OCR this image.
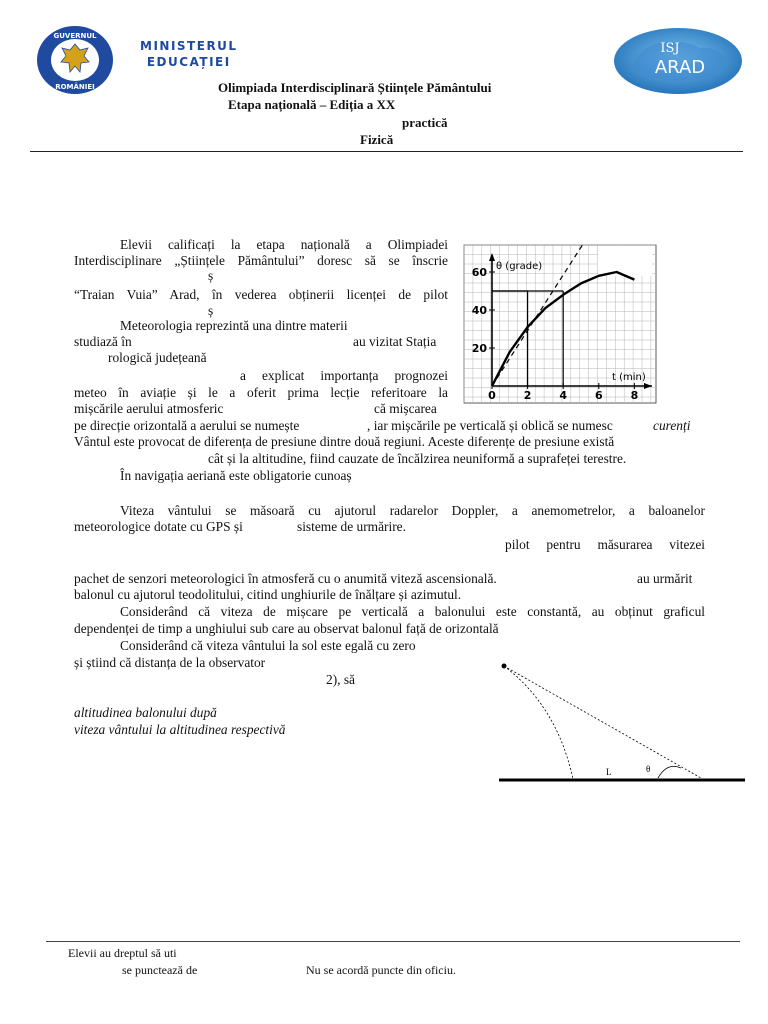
GUVERNUL
ROMÂNIEI
MINISTERUL
EDUCAȚIEI
ISJ
ARAD
Olimpiada Interdisciplinară Științele Pământului
Etapa națională – Ediția a XX
practică
Fizică
Elevii calificați la etapa națională a Olimpiadei
Interdisciplinare „Științele Pământului” doresc să se înscrie
ș
“Traian Vuia” Arad, în vederea obținerii licenței de pilot
ș
Meteorologia reprezintă una dintre materii
studiază în	au vizitat Stația
rologică județeană
a explicat importanța prognozei
meteo în aviație și le a oferit prima lecție referitoare la
mișcările aerului atmosferic	că mișcarea
pe direcție orizontală a aerului se numește	, iar mișcările pe verticală și oblică se numesc	curenți
Vântul este provocat de diferența de presiune dintre două regiuni. Aceste diferențe de presiune există
cât și la altitudine, fiind cauzate de încălzirea neuniformă a suprafeței terestre.
În navigația aeriană este obligatorie cunoaș
Viteza vântului se măsoară cu ajutorul radarelor Doppler, a anemometrelor, a baloanelor
meteorologice dotate cu GPS și	sisteme de urmărire.
pilot pentru măsurarea vitezei
pachet de senzori meteorologici în atmosferă cu o anumită viteză ascensională.	au urmărit
balonul cu ajutorul teodolitului, citind unghiurile de înălțare și azimutul.
Considerând că viteza de mișcare pe verticală a balonului este constantă, au obținut graficul
dependenței de timp a unghiului sub care au observat balonul față de orizontală
Considerând că viteza vântului la sol este egală cu zero
și știind că distanța de la observator
2), să
altitudinea balonului după
viteza vântului la altitudinea respectivă
0	2	4	6	8
20
40
60 θ (grade)
t (min)
L	θ
Elevii au dreptul să uti
se punctează de	Nu se acordă puncte din oficiu.
